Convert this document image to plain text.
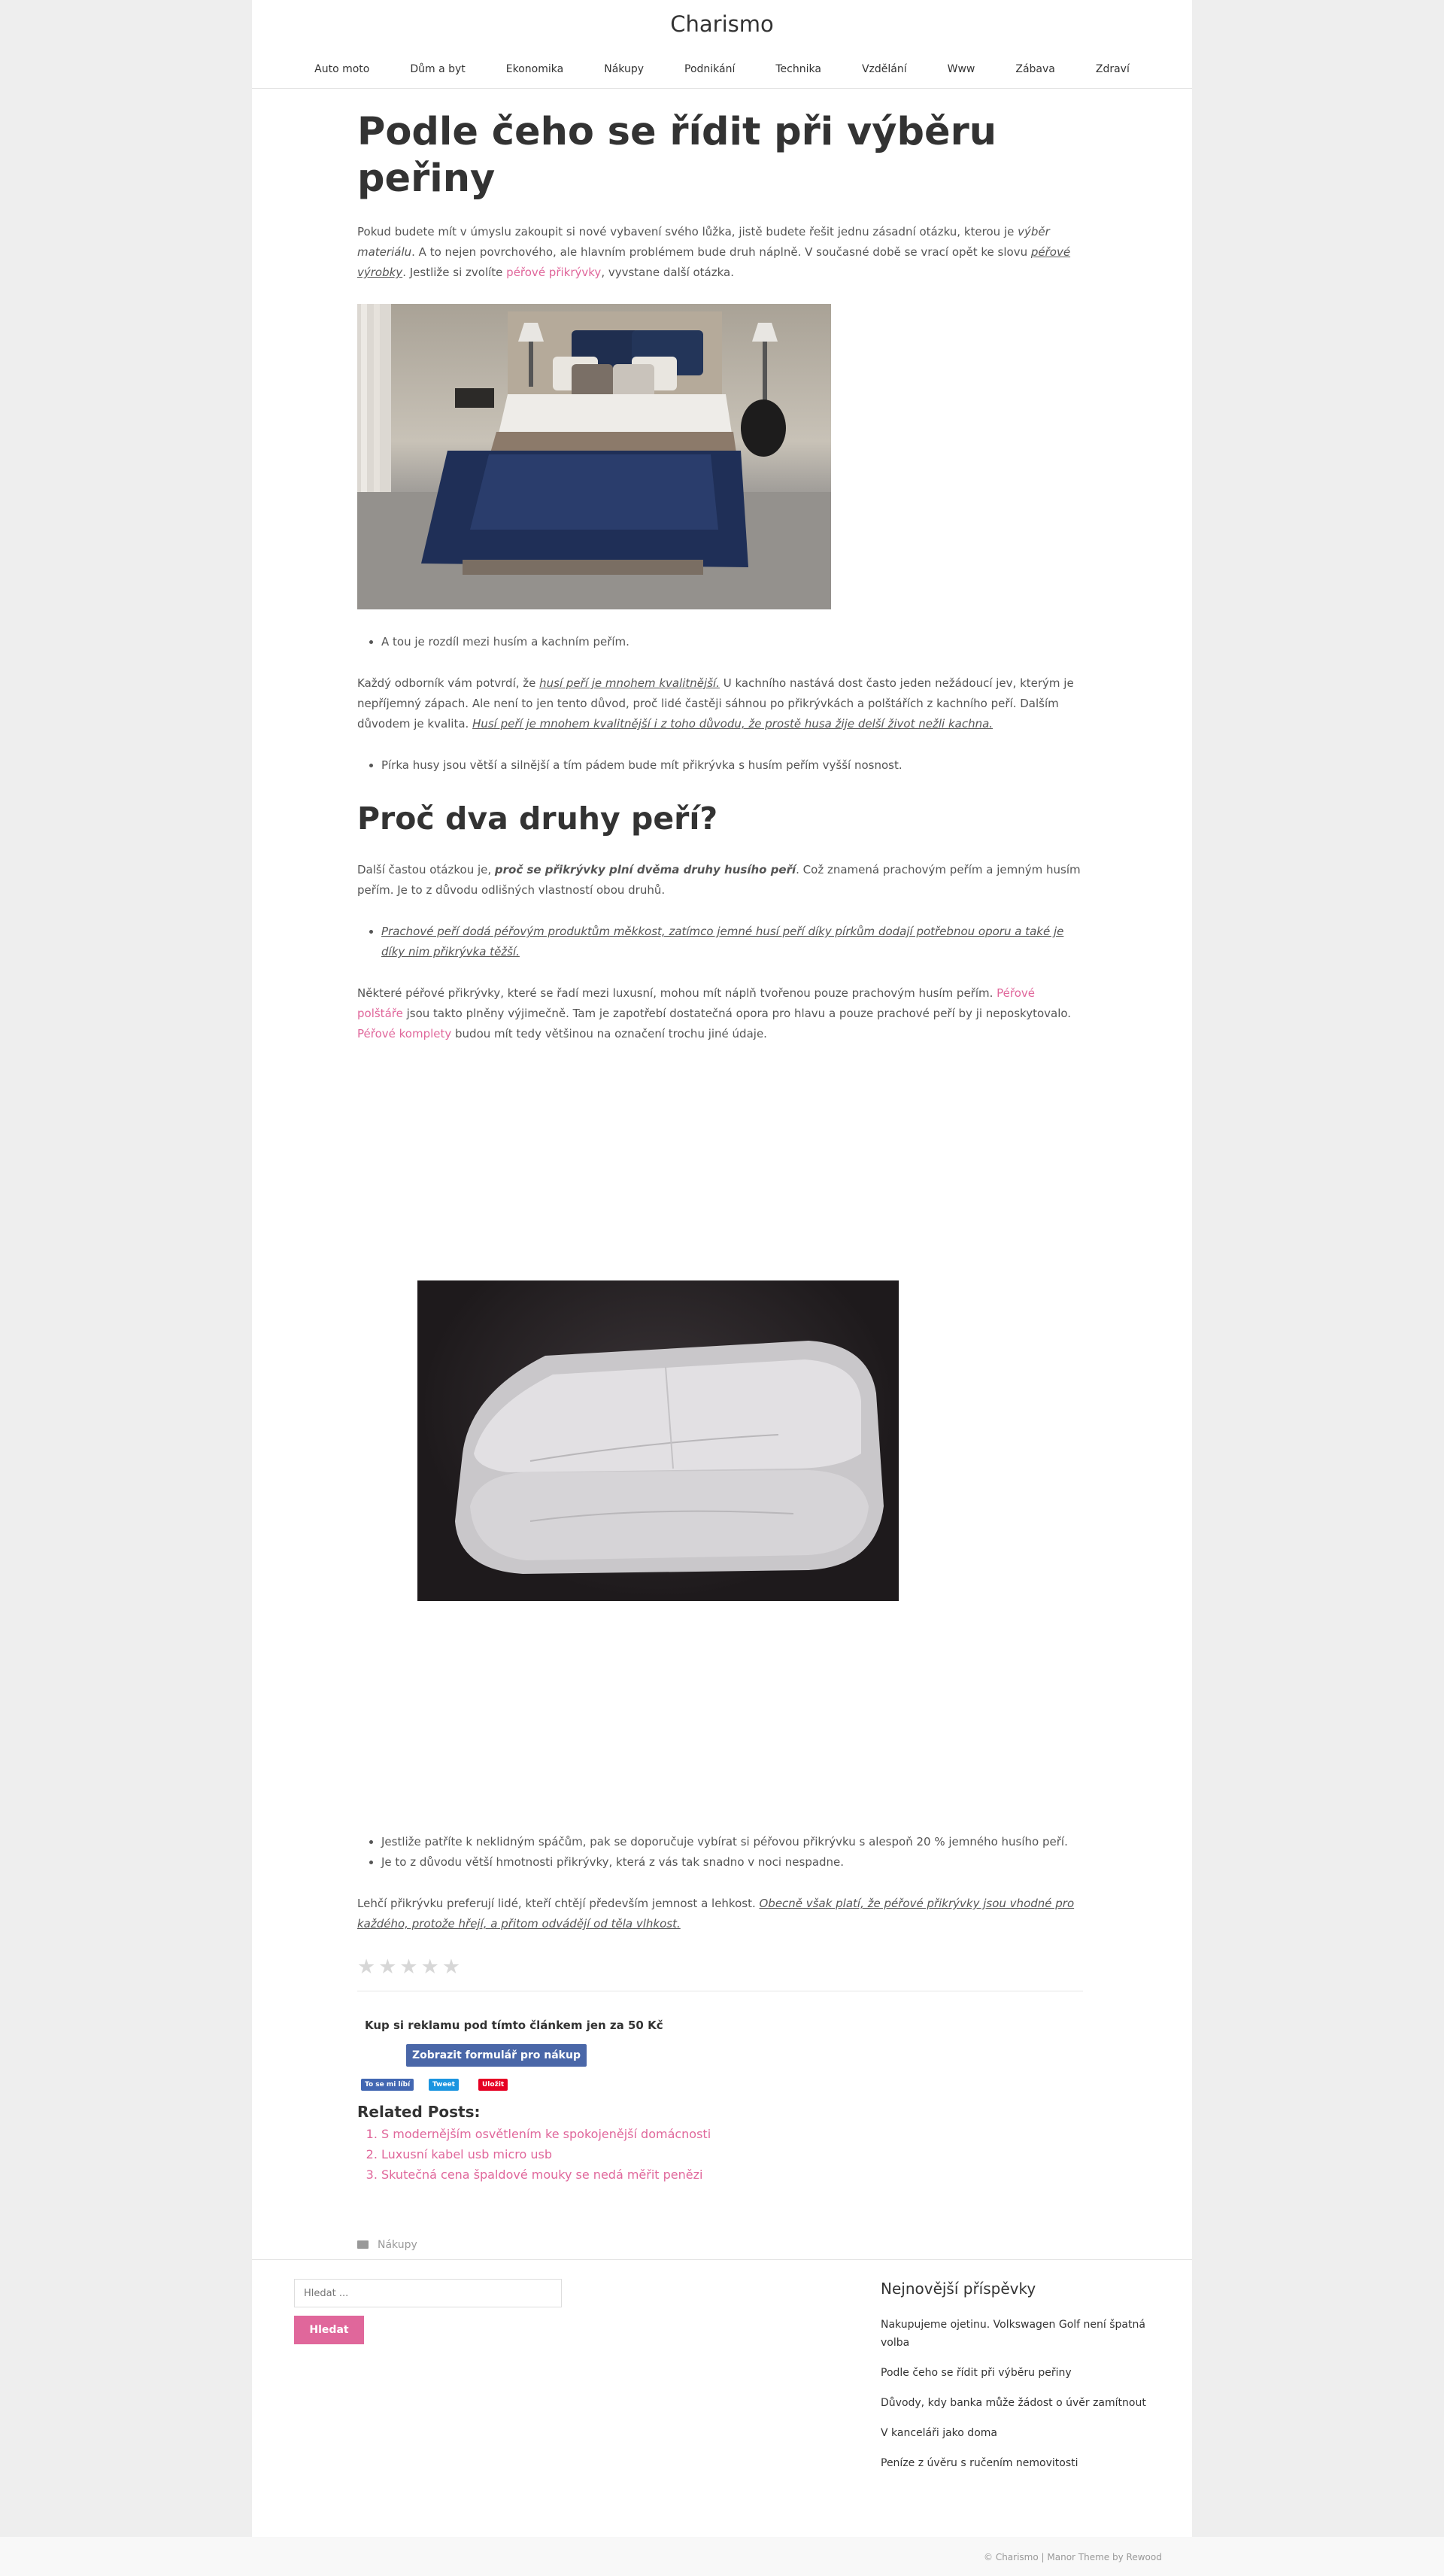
Charismo
Auto moto	Dům a byt	Ekonomika	Nákupy	Podnikání	Technika	Vzdělání	Www	Zábava	Zdraví
Podle čeho se řídit při výběru peřiny

Pokud budete mít v úmyslu zakoupit si nové vybavení svého lůžka, jistě budete řešit jednu zásadní otázku, kterou je výběr materiálu. A to nejen povrchového, ale hlavním problémem bude druh náplně. V současné době se vrací opět ke slovu péřové výrobky. Jestliže si zvolíte péřové přikrývky, vyvstane další otázka.

• A tou je rozdíl mezi husím a kachním peřím.

Každý odborník vám potvrdí, že husí peří je mnohem kvalitnější. U kachního nastává dost často jeden nežádoucí jev, kterým je nepříjemný zápach. Ale není to jen tento důvod, proč lidé častěji sáhnou po přikrývkách a polštářích z kachního peří. Dalším důvodem je kvalita. Husí peří je mnohem kvalitnější i z toho důvodu, že prostě husa žije delší život nežli kachna.

• Pírka husy jsou větší a silnější a tím pádem bude mít přikrývka s husím peřím vyšší nosnost.
Proč dva druhy peří?

Další častou otázkou je, proč se přikrývky plní dvěma druhy husího peří. Což znamená prachovým peřím a jemným husím peřím. Je to z důvodu odlišných vlastností obou druhů.

• Prachové peří dodá péřovým produktům měkkost, zatímco jemné husí peří díky pírkům dodají potřebnou oporu a také je díky nim přikrývka těžší.

Některé péřové přikrývky, které se řadí mezi luxusní, mohou mít náplň tvořenou pouze prachovým husím peřím. Péřové polštáře jsou takto plněny výjimečně. Tam je zapotřebí dostatečná opora pro hlavu a pouze prachové peří by ji neposkytovalo. Péřové komplety budou mít tedy většinou na označení trochu jiné údaje.

• Jestliže patříte k neklidným spáčům, pak se doporučuje vybírat si péřovou přikrývku s alespoň 20 % jemného husího peří.
• Je to z důvodu větší hmotnosti přikrývky, která z vás tak snadno v noci nespadne.

Lehčí přikrývku preferují lidé, kteří chtějí především jemnost a lehkost. Obecně však platí, že péřové přikrývky jsou vhodné pro každého, protože hřejí, a přitom odvádějí od těla vlhkost.

★★★★★
Kup si reklamu pod tímto článkem jen za 50 Kč
Zobrazit formulář pro nákup
To se mi líbí	Tweet	Uložit
Related Posts:
1. S modernějším osvětlením ke spokojenější domácnosti
2. Luxusní kabel usb micro usb
3. Skutečná cena špaldové mouky se nedá měřit penězi
Nákupy
Hledat ...
Hledat
Nejnovější příspěvky
Nakupujeme ojetinu. Volkswagen Golf není špatná volba
Podle čeho se řídit při výběru peřiny
Důvody, kdy banka může žádost o úvěr zamítnout
V kanceláři jako doma
Peníze z úvěru s ručením nemovitosti
© Charismo | Manor Theme by Rewood
